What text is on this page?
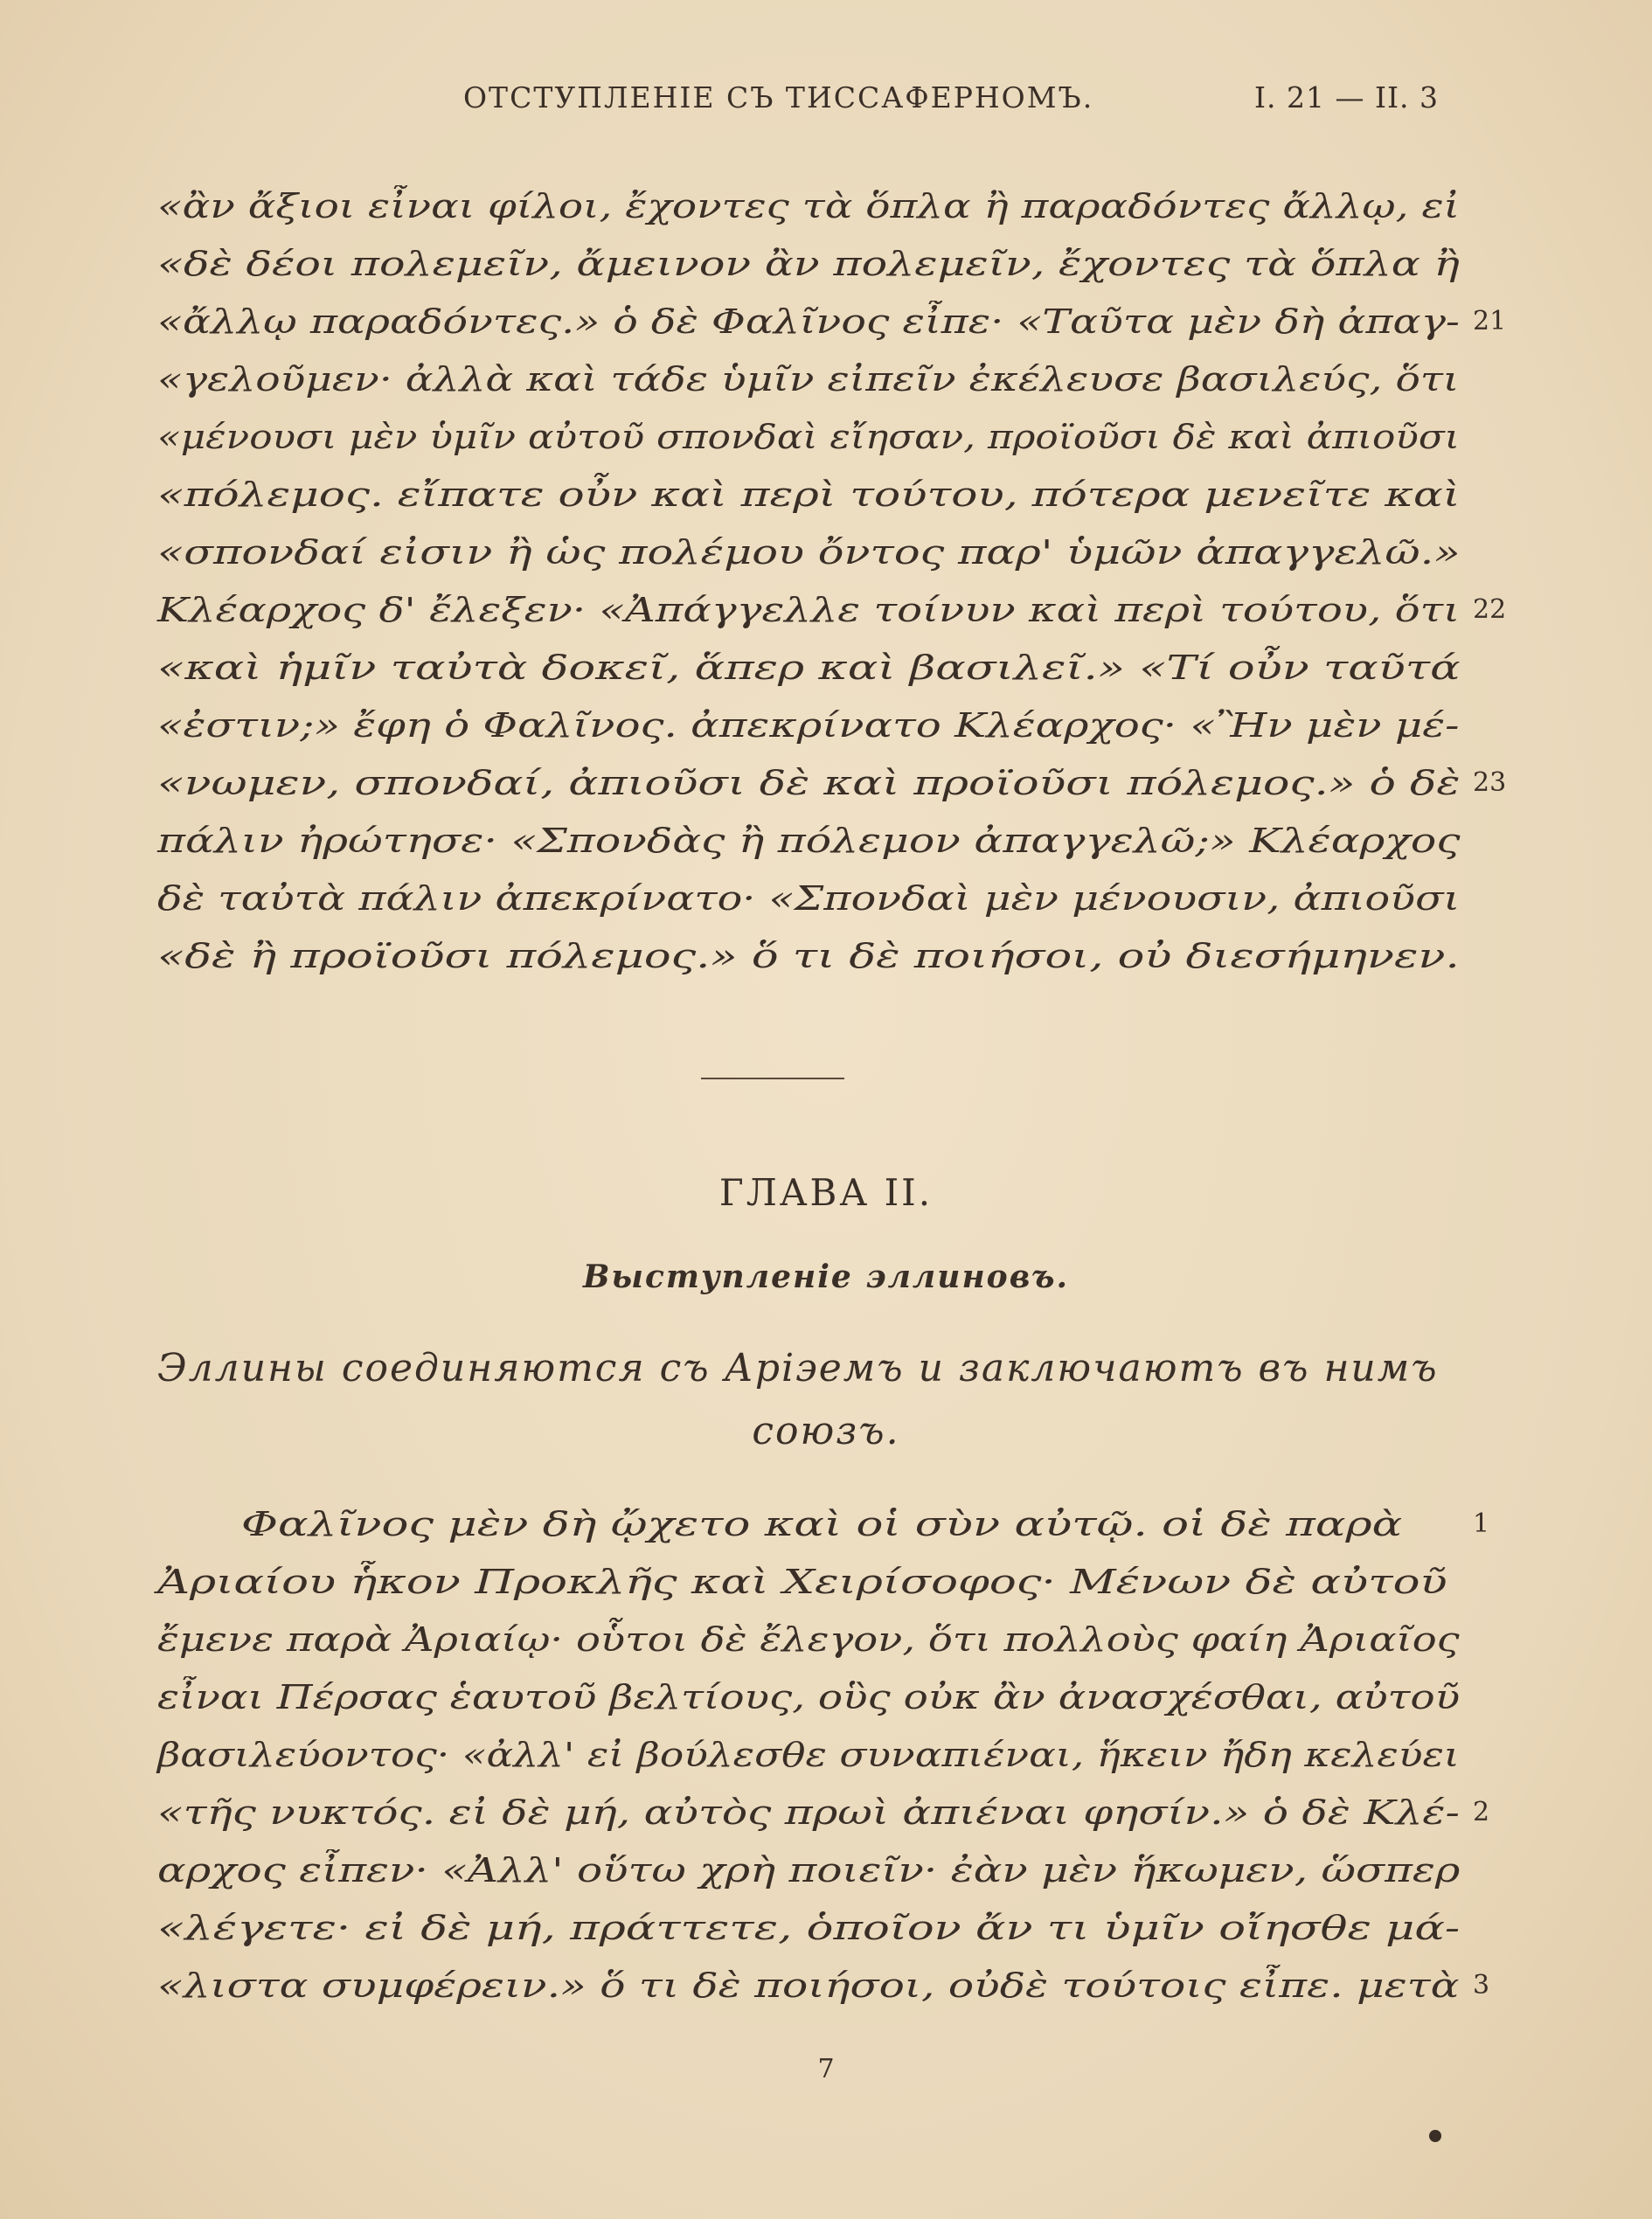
ОТСТУПЛЕНІЕ СЪ ТИССАФЕРНОМЪ.	I. 21 — II. 3
«ἂν ἄξιοι εἶναι φίλοι, ἔχοντες τὰ ὅπλα ἢ παραδόντες ἄλλῳ, εἰ
«δὲ δέοι πολεμεῖν, ἄμεινον ἂν πολεμεῖν, ἔχοντες τὰ ὅπλα ἢ
«ἄλλῳ παραδόντες.» ὁ δὲ Φαλῖνος εἶπε· «Ταῦτα μὲν δὴ ἀπαγ-
«γελοῦμεν· ἀλλὰ καὶ τάδε ὑμῖν εἰπεῖν ἐκέλευσε βασιλεύς, ὅτι
«μένουσι μὲν ὑμῖν αὐτοῦ σπονδαὶ εἴησαν, προϊοῦσι δὲ καὶ ἀπιοῦσι
«πόλεμος. εἴπατε οὖν καὶ περὶ τούτου, πότερα μενεῖτε καὶ
«σπονδαί εἰσιν ἢ ὡς πολέμου ὄντος παρ' ὑμῶν ἀπαγγελῶ.»
Κλέαρχος δ' ἔλεξεν· «Ἀπάγγελλε τοίνυν καὶ περὶ τούτου, ὅτι
«καὶ ἡμῖν ταὐτὰ δοκεῖ, ἅπερ καὶ βασιλεῖ.» «Τί οὖν ταῦτά
«ἐστιν;» ἔφη ὁ Φαλῖνος. ἀπεκρίνατο Κλέαρχος· «Ἢν μὲν μέ-
«νωμεν, σπονδαί, ἀπιοῦσι δὲ καὶ προϊοῦσι πόλεμος.» ὁ δὲ
πάλιν ἠρώτησε· «Σπονδὰς ἢ πόλεμον ἀπαγγελῶ;» Κλέαρχος
δὲ ταὐτὰ πάλιν ἀπεκρίνατο· «Σπονδαὶ μὲν μένουσιν, ἀπιοῦσι
«δὲ ἢ προϊοῦσι πόλεμος.» ὅ τι δὲ ποιήσοι, οὐ διεσήμηνεν.
21
22
23
ГЛАВА II.
Выступленіе эллиновъ.
Эллины соединяются съ Аріэемъ и заключаютъ въ нимъ
союзъ.
Φαλῖνος μὲν δὴ ᾤχετο καὶ οἱ σὺν αὐτῷ. οἱ δὲ παρὰ
Ἀριαίου ἧκον Προκλῆς καὶ Χειρίσοφος· Μένων δὲ αὐτοῦ
ἔμενε παρὰ Ἀριαίῳ· οὗτοι δὲ ἔλεγον, ὅτι πολλοὺς φαίη Ἀριαῖος
εἶναι Πέρσας ἑαυτοῦ βελτίους, οὓς οὐκ ἂν ἀνασχέσθαι, αὐτοῦ
βασιλεύοντος· «ἀλλ' εἰ βούλεσθε συναπιέναι, ἥκειν ἤδη κελεύει
«τῆς νυκτός. εἰ δὲ μή, αὐτὸς πρωὶ ἀπιέναι φησίν.» ὁ δὲ Κλέ-
αρχος εἶπεν· «Ἀλλ' οὕτω χρὴ ποιεῖν· ἐὰν μὲν ἥκωμεν, ὥσπερ
«λέγετε· εἰ δὲ μή, πράττετε, ὁποῖον ἄν τι ὑμῖν οἴησθε μά-
«λιστα συμφέρειν.» ὅ τι δὲ ποιήσοι, οὐδὲ τούτοις εἶπε. μετὰ
1
2
3
7
